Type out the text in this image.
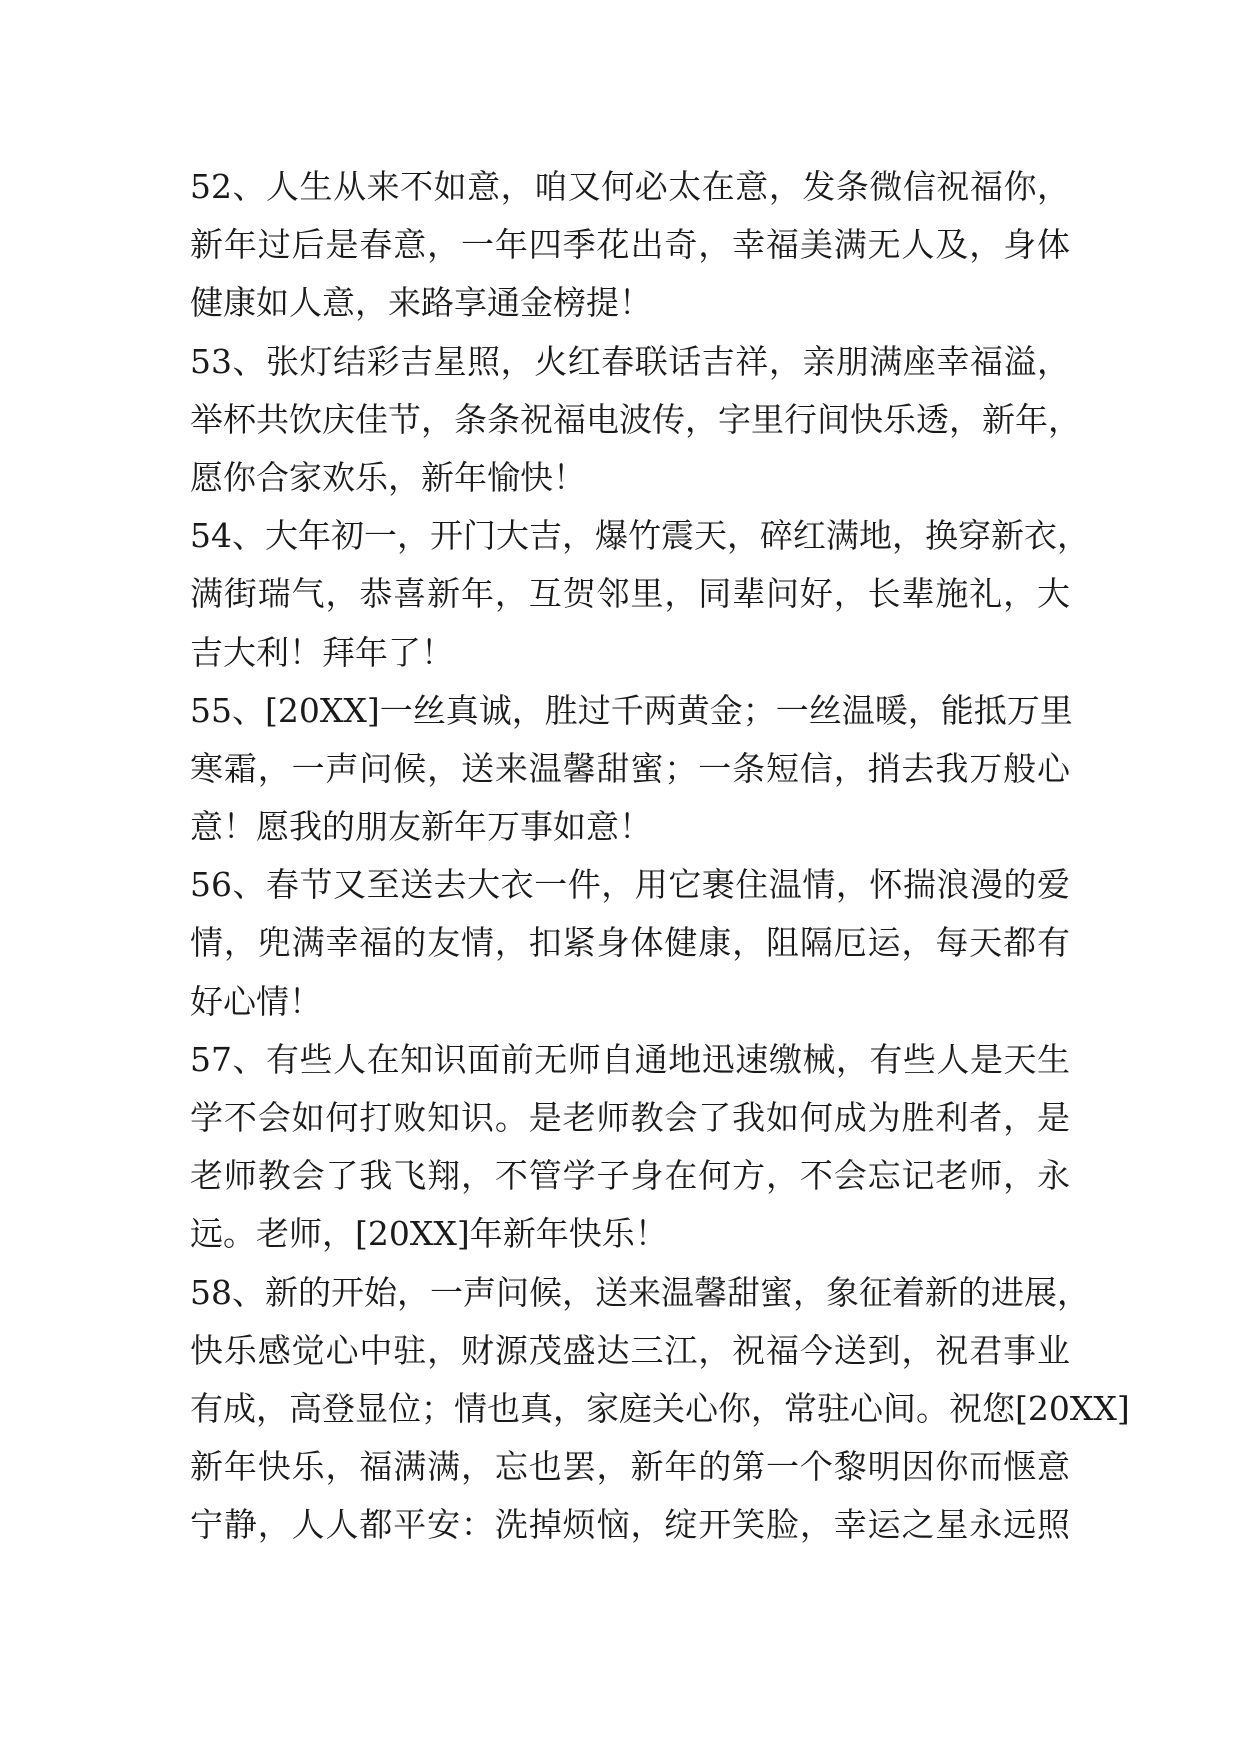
52、人生从来不如意，咱又何必太在意，发条微信祝福你，
新年过后是春意，一年四季花出奇，幸福美满无人及，身体
健康如人意，来路享通金榜提！
53、张灯结彩吉星照，火红春联话吉祥，亲朋满座幸福溢，
举杯共饮庆佳节，条条祝福电波传，字里行间快乐透，新年，
愿你合家欢乐，新年愉快！
54、大年初一，开门大吉，爆竹震天，碎红满地，换穿新衣，
满街瑞气，恭喜新年，互贺邻里，同辈问好，长辈施礼，大
吉大利！拜年了！
55、[20XX]一丝真诚，胜过千两黄金；一丝温暖，能抵万里
寒霜，一声问候，送来温馨甜蜜；一条短信，捎去我万般心
意！愿我的朋友新年万事如意！
56、春节又至送去大衣一件，用它裹住温情，怀揣浪漫的爱
情，兜满幸福的友情，扣紧身体健康，阻隔厄运，每天都有
好心情！
57、有些人在知识面前无师自通地迅速缴械，有些人是天生
学不会如何打败知识。是老师教会了我如何成为胜利者，是
老师教会了我飞翔，不管学子身在何方，不会忘记老师，永
远。老师，[20XX]年新年快乐！
58、新的开始，一声问候，送来温馨甜蜜，象征着新的进展，
快乐感觉心中驻，财源茂盛达三江，祝福今送到，祝君事业
有成，高登显位；情也真，家庭关心你，常驻心间。祝您[20XX]
新年快乐，福满满，忘也罢，新年的第一个黎明因你而惬意
宁静，人人都平安：洗掉烦恼，绽开笑脸，幸运之星永远照
